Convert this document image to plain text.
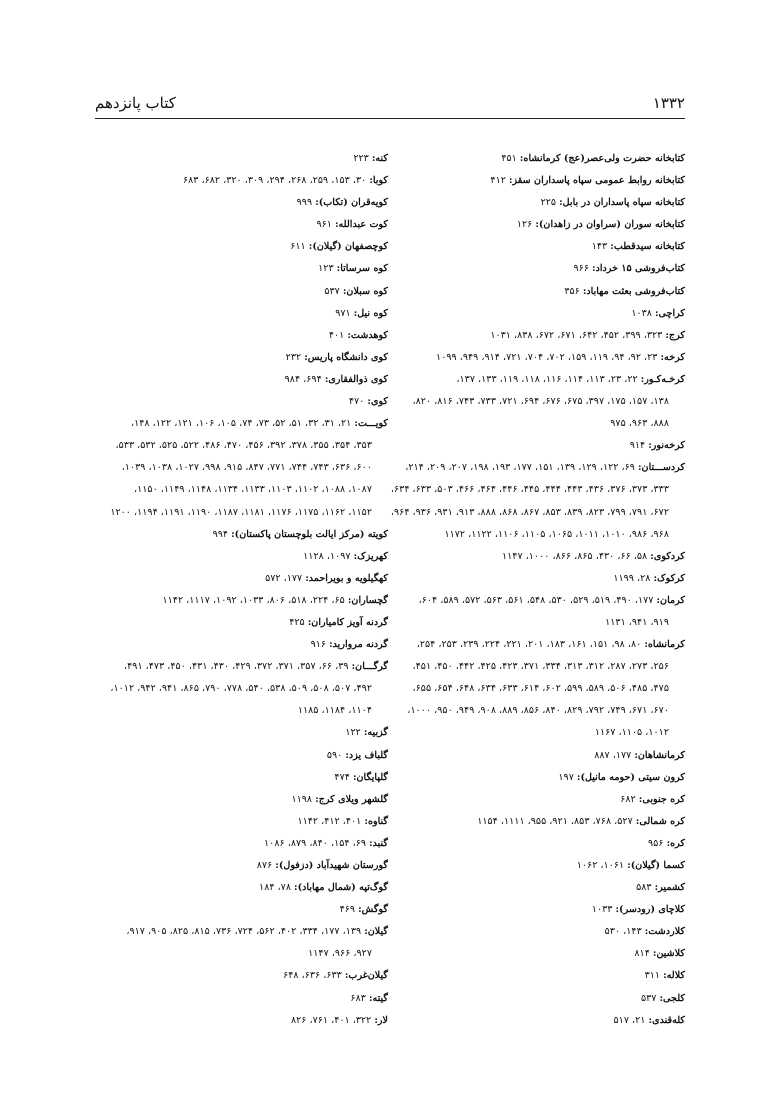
۱۳۳۲
کتاب پانزدهم
کتابخانه حضرت ولی‌عصر(عج) کرمانشاه: ۴۵۱
کتابخانه روابط عمومی سپاه پاسداران سقز: ۴۱۲
کتابخانه سپاه پاسداران در بابل: ۲۲۵
کتابخانه سوران (سراوان در زاهدان): ۱۲۶
کتابخانه سیدقطب: ۱۴۳
کتاب‌فروشی ۱۵ خرداد: ۹۶۶
کتاب‌فروشی بعثت مهاباد: ۳۵۶
کراچی: ۱۰۳۸
کرج: ۳۲۳، ۳۹۹، ۴۵۲، ۶۴۲، ۶۷۱، ۶۷۲، ۸۳۸، ۱۰۳۱
کرخه: ۲۳، ۹۲، ۹۴، ۱۱۹، ۱۵۹، ۷۰۲، ۷۰۴، ۷۲۱، ۹۱۴، ۹۴۹، ۱۰۹۹
کرخـه‌کـور: ۲۲، ۲۳، ۱۱۳، ۱۱۴، ۱۱۶، ۱۱۸، ۱۱۹، ۱۳۳، ۱۳۷،
۱۳۸، ۱۵۷، ۱۷۵، ۳۹۷، ۶۷۵، ۶۷۶، ۶۹۴، ۷۲۱، ۷۳۳، ۷۴۳، ۸۱۶، ۸۲۰،
۸۸۸، ۹۶۳، ۹۷۵
کرخه‌نور: ۹۱۴
کردســـتان: ۶۹، ۱۲۲، ۱۲۹، ۱۳۹، ۱۵۱، ۱۷۷، ۱۹۳، ۱۹۸، ۲۰۷، ۲۰۹، ۲۱۴،
۳۳۳، ۳۷۳، ۳۷۶، ۴۳۶، ۴۴۳، ۴۴۴، ۴۴۵، ۴۴۶، ۴۶۴، ۴۶۶، ۵۰۳، ۶۳۳، ۶۳۴،
۶۷۲، ۷۹۱، ۷۹۹، ۸۲۳، ۸۳۹، ۸۵۳، ۸۶۷، ۸۶۸، ۸۸۸، ۹۱۳، ۹۳۱، ۹۳۶، ۹۶۴،
۹۶۸، ۹۸۶، ۱۰۱۰، ۱۰۱۱، ۱۰۶۵، ۱۱۰۵، ۱۱۰۶، ۱۱۲۲، ۱۱۷۲
کردکوی: ۵۸، ۶۶، ۴۳۰، ۸۶۵، ۸۶۶، ۱۰۰۰، ۱۱۴۷
کرکوک: ۲۸، ۱۱۹۹
کرمان: ۱۷۷، ۴۹۰، ۵۱۹، ۵۲۹، ۵۳۰، ۵۴۸، ۵۶۱، ۵۶۳، ۵۷۲، ۵۸۹، ۶۰۴،
۹۱۹، ۹۴۱، ۱۱۳۱
کرمانشاه: ۸۰، ۹۸، ۱۵۱، ۱۶۱، ۱۸۳، ۲۰۱، ۲۲۱، ۲۲۴، ۲۳۹، ۲۵۳، ۲۵۴،
۲۵۶، ۲۷۳، ۲۸۷، ۳۱۲، ۳۱۳، ۳۳۴، ۳۷۱، ۴۲۳، ۴۲۵، ۴۴۲، ۴۵۰، ۴۵۱،
۴۷۵، ۴۸۵، ۵۰۶، ۵۸۹، ۵۹۹، ۶۰۲، ۶۱۴، ۶۳۳، ۶۳۴، ۶۴۸، ۶۵۴، ۶۵۵،
۶۷۰، ۶۷۱، ۷۴۹، ۷۹۲، ۸۲۹، ۸۴۰، ۸۵۶، ۸۸۹، ۹۰۸، ۹۴۹، ۹۵۰، ۱۰۰۰،
۱۰۱۲، ۱۱۰۵، ۱۱۶۷
کرمانشاهان: ۱۷۷، ۸۸۷
کرون سیتی (حومه مانیل): ۱۹۷
کره جنوبی: ۶۸۲
کره شمالی: ۵۲۷، ۷۶۸، ۸۵۳، ۹۲۱، ۹۵۵، ۱۱۱۱، ۱۱۵۴
کره: ۹۵۶
کسما (گیلان): ۱۰۶۱، ۱۰۶۲
کشمیر: ۵۸۳
کلاچای (رودسر): ۱۰۳۳
کلاردشت: ۱۴۳، ۵۳۰
کلاشین: ۸۱۴
کلاله: ۳۱۱
کلجی: ۵۳۷
کله‌قندی: ۲۱، ۵۱۷
کنه: ۲۲۳
کوبا: ۳۰، ۱۵۳، ۲۵۹، ۲۶۸، ۲۹۴، ۳۰۹، ۳۲۰، ۶۸۲، ۶۸۳
کویه‌قران (تکاب): ۹۹۹
کوت عبدالله: ۹۶۱
کوچصفهان (گیلان): ۶۱۱
کوه سرساتا: ۱۲۳
کوه سبلان: ۵۳۷
کوه نیل: ۹۷۱
کوهدشت: ۴۰۱
کوی دانشگاه پاریس: ۲۳۲
کوی ذوالفقاری: ۶۹۴، ۹۸۴
کوی: ۴۷۰
کویـــت: ۲۱، ۳۱، ۳۲، ۵۱، ۵۲، ۷۳، ۷۴، ۱۰۵، ۱۰۶، ۱۲۱، ۱۲۲، ۱۴۸،
۳۵۳، ۳۵۴، ۳۵۵، ۳۷۸، ۳۹۲، ۴۵۶، ۴۷۰، ۴۸۶، ۵۲۲، ۵۲۵، ۵۳۲، ۵۳۳،
۶۰۰، ۶۳۶، ۷۴۳، ۷۴۴، ۷۷۱، ۸۴۷، ۹۱۵، ۹۹۸، ۱۰۲۷، ۱۰۳۸، ۱۰۳۹،
۱۰۸۷، ۱۰۸۸، ۱۱۰۲، ۱۱۰۳، ۱۱۳۳، ۱۱۳۴، ۱۱۴۸، ۱۱۴۹، ۱۱۵۰،
۱۱۵۲، ۱۱۶۲، ۱۱۷۵، ۱۱۷۶، ۱۱۸۱، ۱۱۸۷، ۱۱۹۰، ۱۱۹۱، ۱۱۹۴، ۱۲۰۰
کویته (مرکز ایالت بلوچستان پاکستان): ۹۹۴
کهریزک: ۱۰۹۷، ۱۱۲۸
کهگیلویه و بویراحمد: ۱۷۷، ۵۷۲
گچساران: ۶۵، ۲۲۴، ۵۱۸، ۸۰۶، ۱۰۳۳، ۱۰۹۲، ۱۱۱۷، ۱۱۴۲
گردنه آویز کامیاران: ۴۲۵
گردنه مروارید: ۹۱۶
گرگـــان: ۳۹، ۶۶، ۳۵۷، ۳۷۱، ۳۷۲، ۴۲۹، ۴۳۰، ۴۳۱، ۴۵۰، ۴۷۳، ۴۹۱،
۴۹۲، ۵۰۷، ۵۰۸، ۵۰۹، ۵۳۸، ۵۴۰، ۷۷۸، ۷۹۰، ۸۶۵، ۹۴۱، ۹۴۲، ۱۰۱۲،
۱۱۰۴، ۱۱۸۴، ۱۱۸۵
گزبیه: ۱۲۲
گلباف یزد: ۵۹۰
گلپایگان: ۴۷۴
گلشهر ویلای کرج: ۱۱۹۸
گناوه: ۴۰۱، ۴۱۲، ۱۱۴۲
گنبد: ۶۹، ۱۵۴، ۸۴۰، ۸۷۹، ۱۰۸۶
گورستان شهیدآباد (دزفول): ۸۷۶
گوگ‌تپه (شمال مهاباد): ۷۸، ۱۸۴
گوگش: ۴۶۹
گیلان: ۱۳۹، ۱۷۷، ۳۳۴، ۴۰۲، ۵۶۲، ۷۲۴، ۷۳۶، ۸۱۵، ۸۲۵، ۹۰۵، ۹۱۷،
۹۲۷، ۹۶۶، ۱۱۴۷
گیلان‌غرب: ۶۳۳، ۶۳۶، ۶۴۸
گیته: ۶۸۳
لار: ۳۲۲، ۴۰۱، ۷۶۱، ۸۲۶
